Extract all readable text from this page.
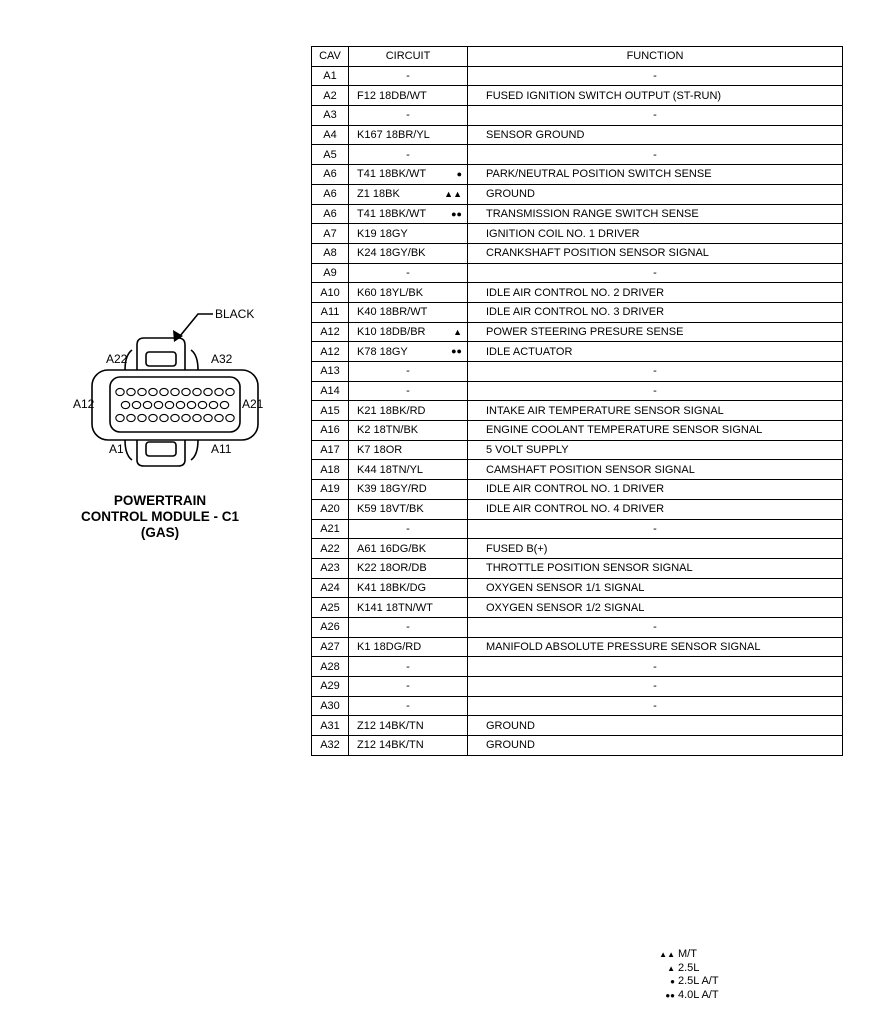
BLACK
A22	A32
A12	A21
A1	A11
POWERTRAIN
CONTROL MODULE - C1
(GAS)
CAV	CIRCUIT	FUNCTION
A1	-	-
A2	F12 18DB/WT	FUSED IGNITION SWITCH OUTPUT (ST-RUN)
A3	-	-
A4	K167 18BR/YL	SENSOR GROUND
A5	-	-
A6	T41 18BK/WT ●	PARK/NEUTRAL POSITION SWITCH SENSE
A6	Z1 18BK ▲▲	GROUND
A6	T41 18BK/WT ●●	TRANSMISSION RANGE SWITCH SENSE
A7	K19 18GY	IGNITION COIL NO. 1 DRIVER
A8	K24 18GY/BK	CRANKSHAFT POSITION SENSOR SIGNAL
A9	-	-
A10	K60 18YL/BK	IDLE AIR CONTROL NO. 2 DRIVER
A11	K40 18BR/WT	IDLE AIR CONTROL NO. 3 DRIVER
A12	K10 18DB/BR ▲	POWER STEERING PRESURE SENSE
A12	K78 18GY ●●	IDLE ACTUATOR
A13	-	-
A14	-	-
A15	K21 18BK/RD	INTAKE AIR TEMPERATURE SENSOR SIGNAL
A16	K2 18TN/BK	ENGINE COOLANT TEMPERATURE SENSOR SIGNAL
A17	K7 18OR	5 VOLT SUPPLY
A18	K44 18TN/YL	CAMSHAFT POSITION SENSOR SIGNAL
A19	K39 18GY/RD	IDLE AIR CONTROL NO. 1 DRIVER
A20	K59 18VT/BK	IDLE AIR CONTROL NO. 4 DRIVER
A21	-	-
A22	A61 16DG/BK	FUSED B(+)
A23	K22 18OR/DB	THROTTLE POSITION SENSOR SIGNAL
A24	K41 18BK/DG	OXYGEN SENSOR 1/1 SIGNAL
A25	K141 18TN/WT	OXYGEN SENSOR 1/2 SIGNAL
A26	-	-
A27	K1 18DG/RD	MANIFOLD ABSOLUTE PRESSURE SENSOR SIGNAL
A28	-	-
A29	-	-
A30	-	-
A31	Z12 14BK/TN	GROUND
A32	Z12 14BK/TN	GROUND
▲▲ M/T
▲ 2.5L
● 2.5L A/T
●● 4.0L A/T
